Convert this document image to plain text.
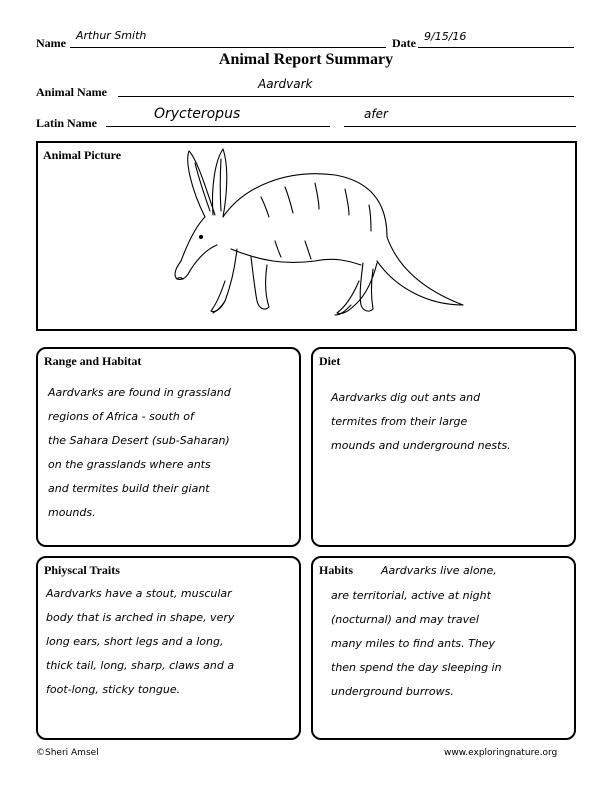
Name
Arthur Smith
Date 9/15/16
Animal Report Summary
Animal Name
Aardvark
Latin Name
Orycteropus	afer
Animal Picture
Range and Habitat
Aardvarks are found in grassland
regions of Africa - south of
the Sahara Desert (sub-Saharan)
on the grasslands where ants
and termites build their giant
mounds.
Diet
Aardvarks dig out ants and
termites from their large
mounds and underground nests.
Phiyscal Traits
Aardvarks have a stout, muscular
body that is arched in shape, very
long ears, short legs and a long,
thick tail, long, sharp, claws and a
foot-long, sticky tongue.
Habits	Aardvarks live alone,
are territorial, active at night
(nocturnal) and may travel
many miles to find ants. They
then spend the day sleeping in
underground burrows.
©Sheri Amsel	www.exploringnature.org
